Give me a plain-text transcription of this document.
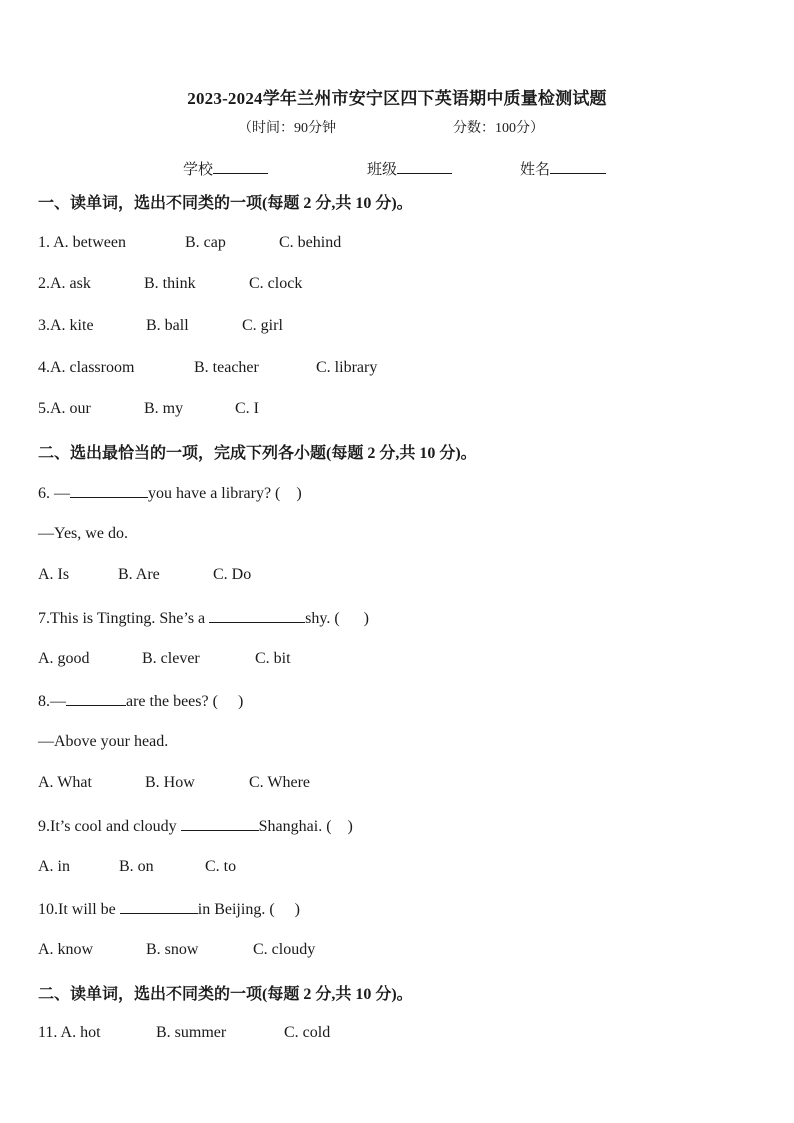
2023-2024学年兰州市安宁区四下英语期中质量检测试题
（时间：90分钟	分数：100分）
学校	班级	姓名
一、读单词，选出不同类的一项(每题 2 分,共 10 分)。
1. A. between	B. cap	C. behind
2.A. ask	B. think	C. clock
3.A. kite	B. ball	C. girl
4.A. classroom	B. teacher	C. library
5.A. our	B. my	C. I
二、选出最恰当的一项，完成下列各小题(每题 2 分,共 10 分)。
6. —	you have a library? (    )
—Yes, we do.
A. Is	B. Are	C. Do
7.This is Tingting. She’s a	shy. (      )
A. good	B. clever	C. bit
8.—	are the bees? (     )
—Above your head.
A. What	B. How	C. Where
9.It’s cool and cloudy	Shanghai. (    )
A. in	B. on	C. to
10.It will be	in Beijing. (     )
A. know	B. snow	C. cloudy
二、读单词，选出不同类的一项(每题 2 分,共 10 分)。
11. A. hot	B. summer	C. cold
